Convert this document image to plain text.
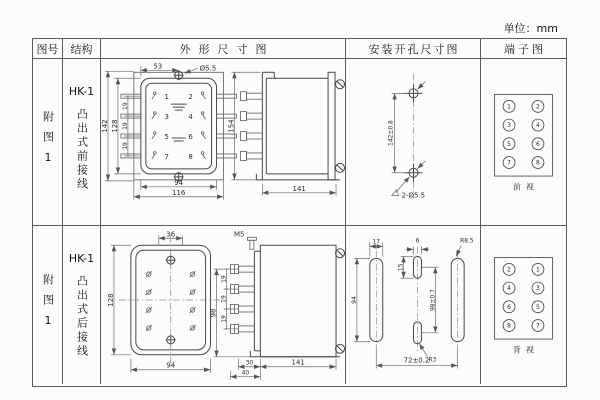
单位：mm
图号	结构	外形尺寸图	安装开孔尺寸图	端子图
附图1
HK-1
凸出式前接线
53	Ø5.5
142 128
19
19
19
1	2
3	4
5	6
7	8
94
116
154
141
142±0.8
2-Ø5.5
1	2
3	4
5	6
7	8
前视
附图1
HK-1
凸出式后接线
36
128
94
M5
98
19
19
19
30
40
141
17
94
6
15
98±0.7
R3
R8.5
72±0.2
2	1
4	3
6	5
8	7
背视
